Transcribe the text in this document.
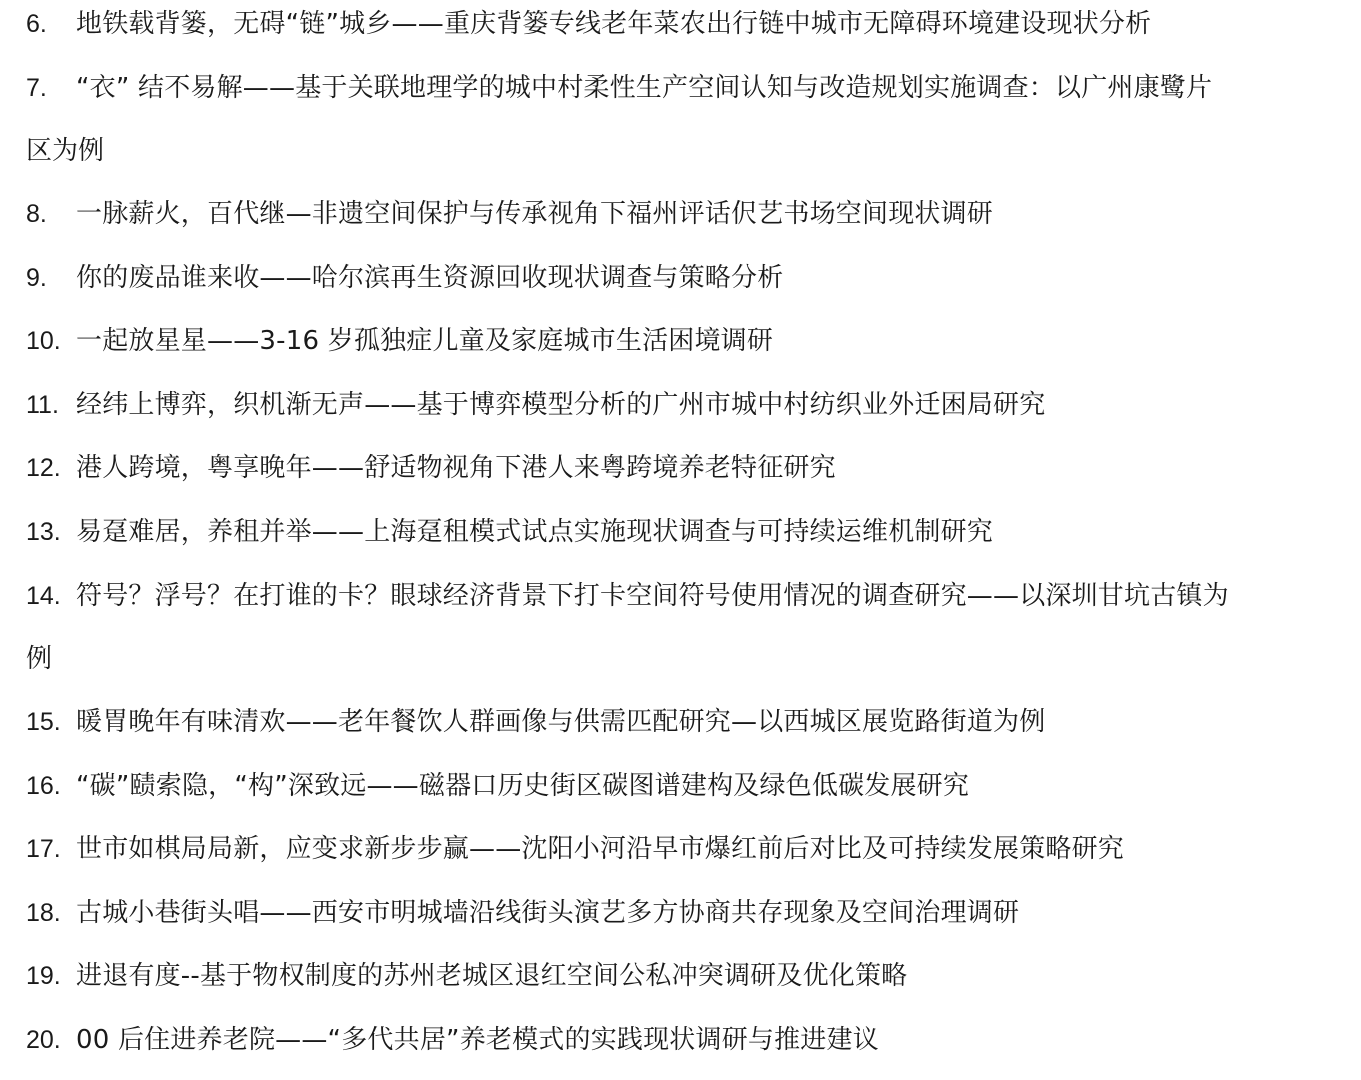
6. 地铁载背篓，无碍“链”城乡——重庆背篓专线老年菜农出行链中城市无障碍环境建设现状分析
7. “衣” 结不易解——基于关联地理学的城中村柔性生产空间认知与改造规划实施调查：以广州康鹭片
区为例
8. 一脉薪火，百代继—非遗空间保护与传承视角下福州评话伬艺书场空间现状调研
9. 你的废品谁来收——哈尔滨再生资源回收现状调查与策略分析
10. 一起放星星——3-16 岁孤独症儿童及家庭城市生活困境调研
11. 经纬上博弈，织机渐无声——基于博弈模型分析的广州市城中村纺织业外迁困局研究
12. 港人跨境，粤享晚年——舒适物视角下港人来粤跨境养老特征研究
13. 易趸难居，养租并举——上海趸租模式试点实施现状调查与可持续运维机制研究
14. 符号？浮号？在打谁的卡？眼球经济背景下打卡空间符号使用情况的调查研究——以深圳甘坑古镇为
例
15. 暖胃晚年有味清欢——老年餐饮人群画像与供需匹配研究—以西城区展览路街道为例
16. “碳”赜索隐，“构”深致远——磁器口历史街区碳图谱建构及绿色低碳发展研究
17. 世市如棋局局新，应变求新步步赢——沈阳小河沿早市爆红前后对比及可持续发展策略研究
18. 古城小巷街头唱——西安市明城墙沿线街头演艺多方协商共存现象及空间治理调研
19. 进退有度--基于物权制度的苏州老城区退红空间公私冲突调研及优化策略
20. 00 后住进养老院——“多代共居”养老模式的实践现状调研与推进建议
